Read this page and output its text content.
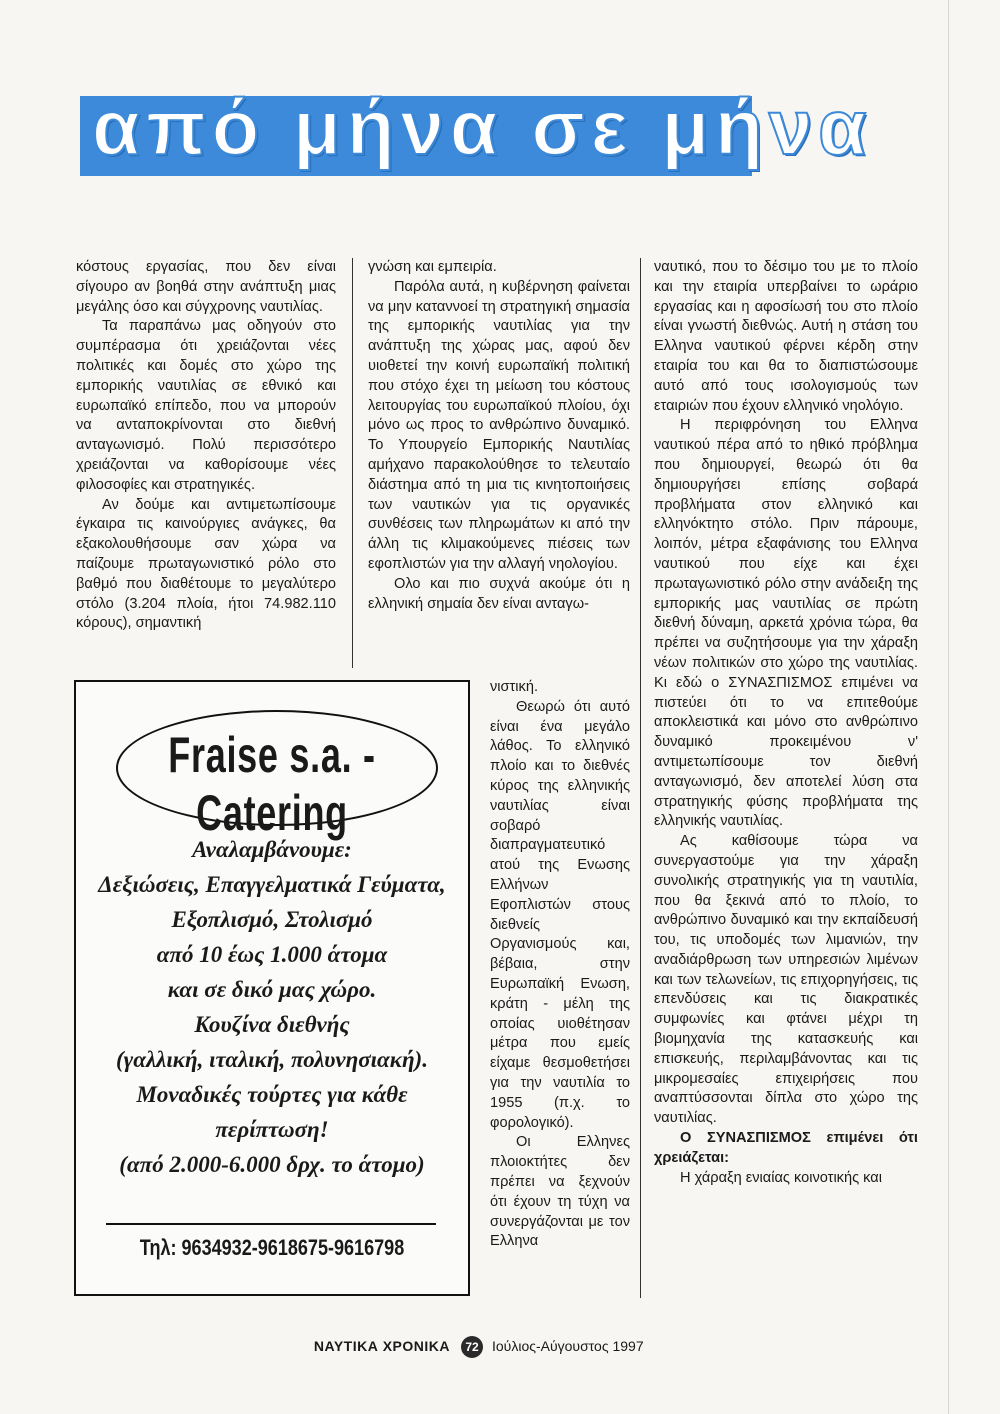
από μήνα σε μήνα

κόστους εργασίας, που δεν είναι σίγουρο αν βοηθά στην ανάπτυξη μιας μεγάλης όσο και σύγχρονης ναυτιλίας.

Τα παραπάνω μας οδηγούν στο συμπέρασμα ότι χρειάζονται νέες πολιτικές και δομές στο χώρο της εμπορικής ναυτιλίας σε εθνικό και ευρωπαϊκό επίπεδο, που να μπορούν να ανταποκρίνονται στο διεθνή ανταγωνισμό. Πολύ περισσότερο χρειάζονται να καθορίσουμε νέες φιλοσοφίες και στρατηγικές.

Αν δούμε και αντιμετωπίσουμε έγκαιρα τις καινούργιες ανάγκες, θα εξακολουθήσουμε σαν χώρα να παίζουμε πρωταγωνιστικό ρόλο στο βαθμό που διαθέτουμε το μεγαλύτερο στόλο (3.204 πλοία, ήτοι 74.982.110 κόρους), σημαντική

γνώση και εμπειρία.

Παρόλα αυτά, η κυβέρνηση φαίνεται να μην καταννοεί τη στρατηγική σημασία της εμπορικής ναυτιλίας για την ανάπτυξη της χώρας μας, αφού δεν υιοθετεί την κοινή ευρωπαϊκή πολιτική που στόχο έχει τη μείωση του κόστους λειτουργίας του ευρωπαϊκού πλοίου, όχι μόνο ως προς το ανθρώπινο δυναμικό. Το Υπουργείο Εμπορικής Ναυτιλίας αμήχανο παρακολούθησε το τελευταίο διάστημα από τη μια τις κινητοποιήσεις των ναυτικών για τις οργανικές συνθέσεις των πληρωμάτων κι από την άλλη τις κλιμακούμενες πιέσεις των εφοπλιστών για την αλλαγή νηολογίου.

Ολο και πιο συχνά ακούμε ότι η ελληνική σημαία δεν είναι ανταγω-

νιστική.

Θεωρώ ότι αυτό είναι ένα μεγάλο λάθος. Το ελληνικό πλοίο και το διεθνές κύρος της ελληνικής ναυτιλίας είναι σοβαρό διαπραγματευτικό ατού της Ενωσης Ελλήνων Εφοπλιστών στους διεθνείς Οργανισμούς και, βέβαια, στην Ευρωπαϊκή Ενωση, κράτη - μέλη της οποίας υιοθέτησαν μέτρα που εμείς είχαμε θεσμοθετήσει για την ναυτιλία το 1955 (π.χ. το φορολογικό).

Οι Ελληνες πλοιοκτήτες δεν πρέπει να ξεχνούν ότι έχουν τη τύχη να συνεργάζονται με τον Ελληνα

ναυτικό, που το δέσιμο του με το πλοίο και την εταιρία υπερβαίνει το ωράριο εργασίας και η αφοσίωσή του στο πλοίο είναι γνωστή διεθνώς. Αυτή η στάση του Ελληνα ναυτικού φέρνει κέρδη στην εταιρία του και θα το διαπιστώσουμε αυτό από τους ισολογισμούς των εταιριών που έχουν ελληνικό νηολόγιο.

Η περιφρόνηση του Ελληνα ναυτικού πέρα από το ηθικό πρόβλημα που δημιουργεί, θεωρώ ότι θα δημιουργήσει επίσης σοβαρά προβλήματα στον ελληνικό και ελληνόκτητο στόλο. Πριν πάρουμε, λοιπόν, μέτρα εξαφάνισης του Ελληνα ναυτικού που είχε και έχει πρωταγωνιστικό ρόλο στην ανάδειξη της εμπορικής μας ναυτιλίας σε πρώτη διεθνή δύναμη, αρκετά χρόνια τώρα, θα πρέπει να συζητήσουμε για την χάραξη νέων πολιτικών στο χώρο της ναυτιλίας. Κι εδώ ο ΣΥΝΑΣΠΙΣΜΟΣ επιμένει να πιστεύει ότι το να επιτεθούμε αποκλειστικά και μόνο στο ανθρώπινο δυναμικό προκειμένου ν' αντιμετωπίσουμε τον διεθνή ανταγωνισμό, δεν αποτελεί λύση στα στρατηγικής φύσης προβλήματα της ελληνικής ναυτιλίας.

Ας καθίσουμε τώρα να συνεργαστούμε για την χάραξη συνολικής στρατηγικής για τη ναυτιλία, που θα ξεκινά από το πλοίο, το ανθρώπινο δυναμικό και την εκπαίδευσή του, τις υποδομές των λιμανιών, την αναδιάρθρωση των υπηρεσιών λιμένων και των τελωνείων, τις επιχορηγήσεις, τις επενδύσεις και τις διακρατικές συμφωνίες και φτάνει μέχρι τη βιομηχανία της κατασκευής και επισκευής, περιλαμβάνοντας και τις μικρομεσαίες επιχειρήσεις που αναπτύσσονται δίπλα στο χώρο της ναυτιλίας.

Ο ΣΥΝΑΣΠΙΣΜΟΣ επιμένει ότι χρειάζεται:

Η χάραξη ενιαίας κοινοτικής και

Fraise s.a. - Catering
Αναλαμβάνουμε:
Δεξιώσεις, Επαγγελματικά Γεύματα,
Εξοπλισμό, Στολισμό
από 10 έως 1.000 άτομα
και σε δικό μας χώρο.
Κουζίνα διεθνής
(γαλλική, ιταλική, πολυνησιακή).
Μοναδικές τούρτες για κάθε
περίπτωση!
(από 2.000-6.000 δρχ. το άτομο)
Τηλ: 9634932-9618675-9616798
ΝΑΥΤΙΚΑ ΧΡΟΝΙΚΑ	72 Ιούλιος-Αύγουστος 1997
